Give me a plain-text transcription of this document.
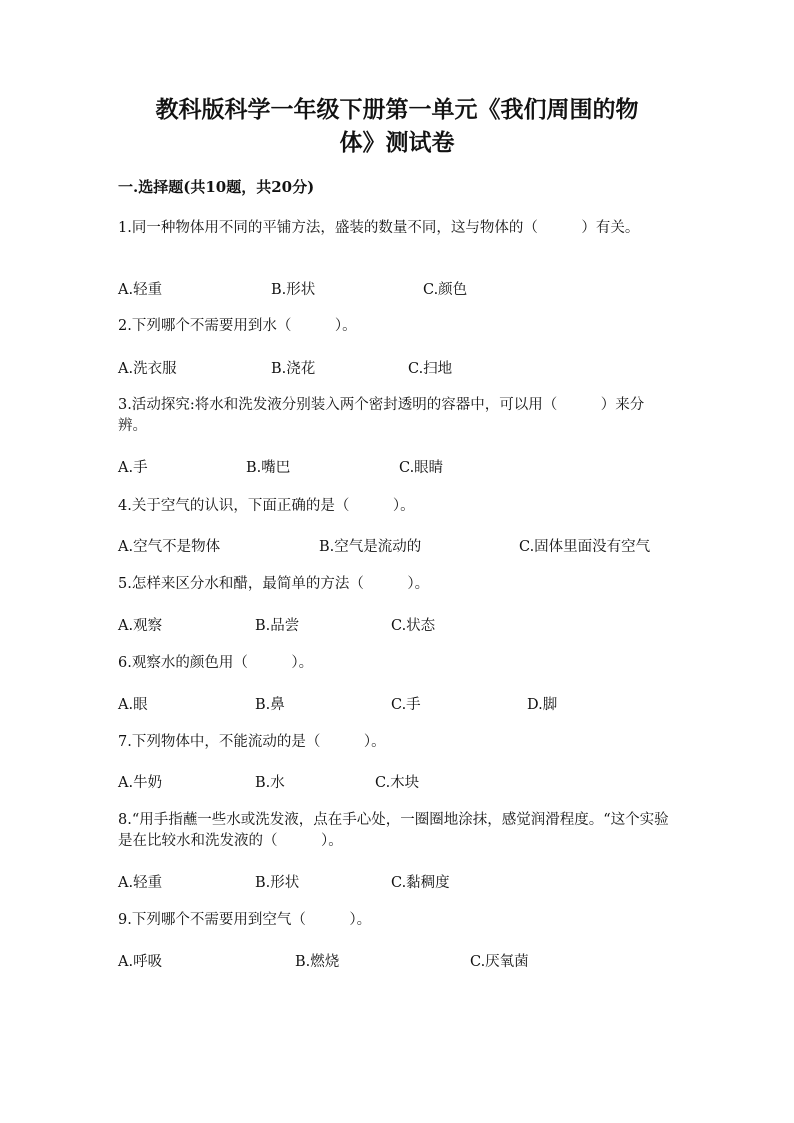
教科版科学一年级下册第一单元《我们周围的物
体》测试卷
一.选择题(共10题，共20分)
1.同一种物体用不同的平铺方法，盛装的数量不同，这与物体的（　　　）有关。
A.轻重	B.形状	C.颜色
2.下列哪个不需要用到水（　　　）。
A.洗衣服	B.浇花	C.扫地
3.活动探究:将水和洗发液分别装入两个密封透明的容器中，可以用（　　　）来分辨。
A.手	B.嘴巴	C.眼睛
4.关于空气的认识，下面正确的是（　　　）。
A.空气不是物体	B.空气是流动的	C.固体里面没有空气
5.怎样来区分水和醋，最简单的方法（　　　）。
A.观察	B.品尝	C.状态
6.观察水的颜色用（　　　）。
A.眼	B.鼻	C.手	D.脚
7.下列物体中，不能流动的是（　　　）。
A.牛奶	B.水	C.木块
8.“用手指蘸一些水或洗发液，点在手心处，一圈圈地涂抹，感觉润滑程度。“这个实验是在比较水和洗发液的（　　　）。
A.轻重	B.形状	C.黏稠度
9.下列哪个不需要用到空气（　　　）。
A.呼吸	B.燃烧	C.厌氧菌
